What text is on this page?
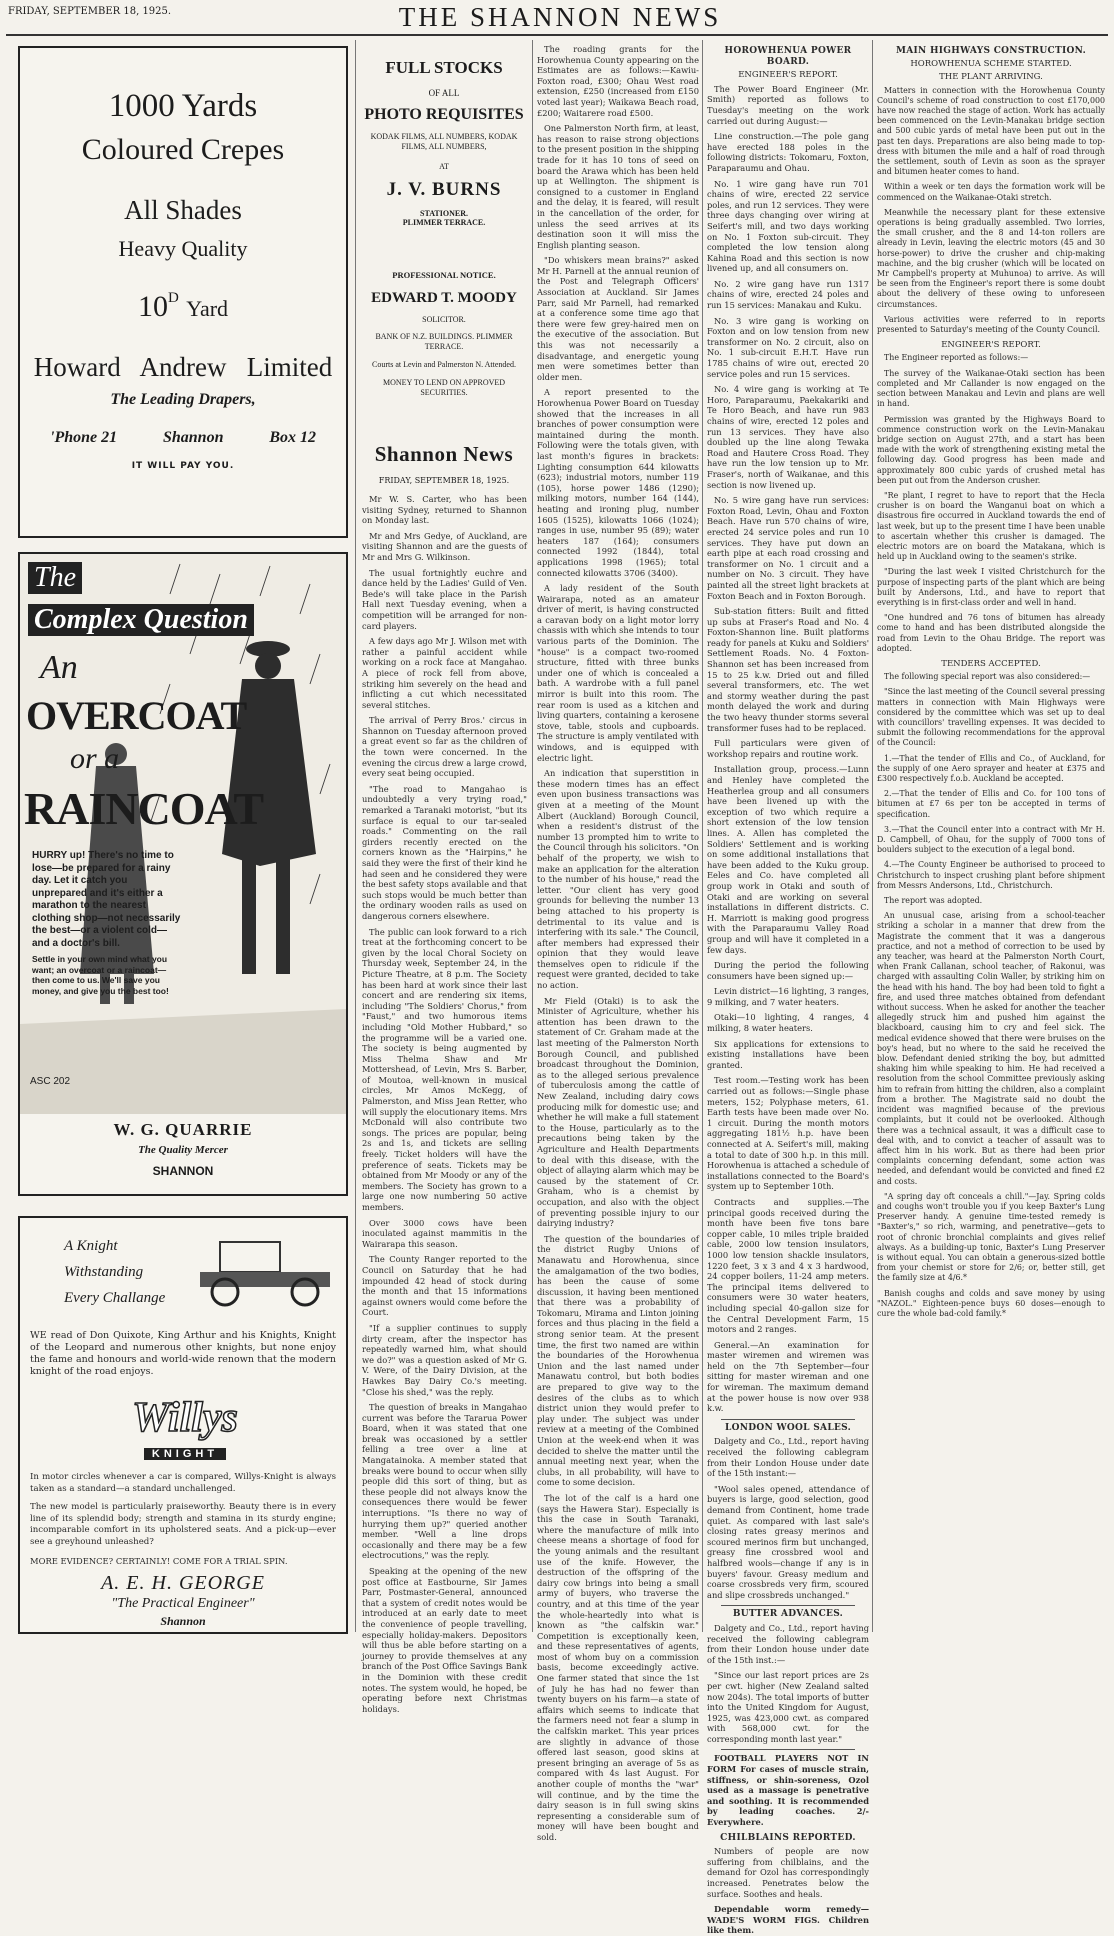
FRIDAY, SEPTEMBER 18, 1925.	THE SHANNON NEWS
1000 Yards
Coloured Crepes
All Shades
Heavy Quality
$10^D$ Yard
Howard   Andrew   Limited
The Leading Drapers,
'Phone 21	Shannon	Box 12
IT WILL PAY YOU.
The
Complex Question
An
OVERCOAT
or a
RAINCOAT
HURRY up! There's no time to lose—be prepared for a rainy day. Let it catch you unprepared and it's either a marathon to the nearest clothing shop—not necessarily the best—or a violent cold—and a doctor's bill.
Settle in your own mind what you want; an overcoat or a raincoat—then come to us. We'll save you money, and give you the best too!
ASC 202
W. G. QUARRIE
The Quality Mercer
SHANNON
A Knight
Withstanding
Every Challange
WE read of Don Quixote, King Arthur and his Knights, Knight of the Leopard and numerous other knights, but none enjoy the fame and honours and world-wide renown that the modern knight of the road enjoys.
Willys
KNIGHT
In motor circles whenever a car is compared, Willys-Knight is always taken as a standard—a standard unchallenged.
The new model is particularly praiseworthy. Beauty there is in every line of its splendid body; strength and stamina in its sturdy engine; incomparable comfort in its upholstered seats. And a pick-up—ever see a greyhound unleashed?
MORE EVIDENCE? CERTAINLY! COME FOR A TRIAL SPIN.
A. E. H. GEORGE
"The Practical Engineer"
Shannon
FULL STOCKS
OF ALL
PHOTO REQUISITES
KODAK FILMS, ALL NUMBERS, KODAK FILMS, ALL NUMBERS,
AT
J. V. BURNS
STATIONER.
PLIMMER TERRACE.
PROFESSIONAL NOTICE.
EDWARD T. MOODY
SOLICITOR.
BANK OF N.Z. BUILDINGS. PLIMMER TERRACE.
Courts at Levin and Palmerston N. Attended.
MONEY TO LEND ON APPROVED SECURITIES.
Shannon News
FRIDAY, SEPTEMBER 18, 1925.

Mr W. S. Carter, who has been visiting Sydney, returned to Shannon on Monday last.

Mr and Mrs Gedye, of Auckland, are visiting Shannon and are the guests of Mr and Mrs G. Wilkinson.

The usual fortnightly euchre and dance held by the Ladies' Guild of Ven. Bede's will take place in the Parish Hall next Tuesday evening, when a competition will be arranged for non-card players.

A few days ago Mr J. Wilson met with rather a painful accident while working on a rock face at Mangahao. A piece of rock fell from above, striking him severely on the head and inflicting a cut which necessitated several stitches.

The arrival of Perry Bros.' circus in Shannon on Tuesday afternoon proved a great event so far as the children of the town were concerned. In the evening the circus drew a large crowd, every seat being occupied.

"The road to Mangahao is undoubtedly a very trying road," remarked a Taranaki motorist, "but its surface is equal to our tar-sealed roads." Commenting on the rail girders recently erected on the corners known as the "Hairpins," he said they were the first of their kind he had seen and he considered they were the best safety stops available and that such stops would be much better than the ordinary wooden rails as used on dangerous corners elsewhere.

The public can look forward to a rich treat at the forthcoming concert to be given by the local Choral Society on Thursday week, September 24, in the Picture Theatre, at 8 p.m. The Society has been hard at work since their last concert and are rendering six items, including "The Soldiers' Chorus," from "Faust," and two humorous items including "Old Mother Hubbard," so the programme will be a varied one. The society is being augmented by Miss Thelma Shaw and Mr Mottershead, of Levin, Mrs S. Barber, of Moutoa, well-known in musical circles, Mr Amos McKegg, of Palmerston, and Miss Jean Retter, who will supply the elocutionary items. Mrs McDonald will also contribute two songs. The prices are popular, being 2s and 1s, and tickets are selling freely. Ticket holders will have the preference of seats. Tickets may be obtained from Mr Moody or any of the members. The Society has grown to a large one now numbering 50 active members.

Over 3000 cows have been inoculated against mammitis in the Wairarapa this season.

The County Ranger reported to the Council on Saturday that he had impounded 42 head of stock during the month and that 15 informations against owners would come before the Court.

"If a supplier continues to supply dirty cream, after the inspector has repeatedly warned him, what should we do?" was a question asked of Mr G. V. Were, of the Dairy Division, at the Hawkes Bay Dairy Co.'s meeting. "Close his shed," was the reply.

The question of breaks in Mangahao current was before the Tararua Power Board, when it was stated that one break was occasioned by a settler felling a tree over a line at Mangatainoka. A member stated that breaks were bound to occur when silly people did this sort of thing, but as these people did not always know the consequences there would be fewer interruptions. "Is there no way of hurrying them up?" queried another member. "Well a line drops occasionally and there may be a few electrocutions," was the reply.

Speaking at the opening of the new post office at Eastbourne, Sir James Parr, Postmaster-General, announced that a system of credit notes would be introduced at an early date to meet the convenience of people travelling, especially holiday-makers. Depositors will thus be able before starting on a journey to provide themselves at any branch of the Post Office Savings Bank in the Dominion with these credit notes. The system would, he hoped, be operating before next Christmas holidays.

The roading grants for the Horowhenua County appearing on the Estimates are as follows:—Kawiu-Foxton road, £300; Ohau West road extension, £250 (increased from £150 voted last year); Waikawa Beach road, £200; Waitarere road £500.

One Palmerston North firm, at least, has reason to raise strong objections to the present position in the shipping trade for it has 10 tons of seed on board the Arawa which has been held up at Wellington. The shipment is consigned to a customer in England and the delay, it is feared, will result in the cancellation of the order, for unless the seed arrives at its destination soon it will miss the English planting season.

"Do whiskers mean brains?" asked Mr H. Parnell at the annual reunion of the Post and Telegraph Officers' Association at Auckland. Sir James Parr, said Mr Parnell, had remarked at a conference some time ago that there were few grey-haired men on the executive of the association. But this was not necessarily a disadvantage, and energetic young men were sometimes better than older men.

A report presented to the Horowhenua Power Board on Tuesday showed that the increases in all branches of power consumption were maintained during the month. Following were the totals given, with last month's figures in brackets: Lighting consumption 644 kilowatts (623); industrial motors, number 119 (105), horse power 1486 (1290); milking motors, number 164 (144), heating and ironing plug, number 1605 (1525), kilowatts 1066 (1024); ranges in use, number 95 (89); water heaters 187 (164); consumers connected 1992 (1844), total applications 1998 (1965); total connected kilowatts 3706 (3400).

A lady resident of the South Wairarapa, noted as an amateur driver of merit, is having constructed a caravan body on a light motor lorry chassis with which she intends to tour various parts of the Dominion. The "house" is a compact two-roomed structure, fitted with three bunks under one of which is concealed a bath. A wardrobe with a full panel mirror is built into this room. The rear room is used as a kitchen and living quarters, containing a kerosene stove, table, stools and cupboards. The structure is amply ventilated with windows, and is equipped with electric light.

An indication that superstition in these modern times has an effect even upon business transactions was given at a meeting of the Mount Albert (Auckland) Borough Council, when a resident's distrust of the number 13 prompted him to write to the Council through his solicitors. "On behalf of the property, we wish to make an application for the alteration to the number of his house," read the letter. "Our client has very good grounds for believing the number 13 being attached to his property is detrimental to its value and is interfering with its sale." The Council, after members had expressed their opinion that they would leave themselves open to ridicule if the request were granted, decided to take no action.

Mr Field (Otaki) is to ask the Minister of Agriculture, whether his attention has been drawn to the statement of Cr. Graham made at the last meeting of the Palmerston North Borough Council, and published broadcast throughout the Dominion, as to the alleged serious prevalence of tuberculosis among the cattle of New Zealand, including dairy cows producing milk for domestic use; and whether he will make a full statement to the House, particularly as to the precautions being taken by the Agriculture and Health Departments to deal with this disease, with the object of allaying alarm which may be caused by the statement of Cr. Graham, who is a chemist by occupation, and also with the object of preventing possible injury to our dairying industry?

The question of the boundaries of the district Rugby Unions of Manawatu and Horowhenua, since the amalgamation of the two bodies, has been the cause of some discussion, it having been mentioned that there was a probability of Tokomaru, Mirama and Linton joining forces and thus placing in the field a strong senior team. At the present time, the first two named are within the boundaries of the Horowhenua Union and the last named under Manawatu control, but both bodies are prepared to give way to the desires of the clubs as to which district union they would prefer to play under. The subject was under review at a meeting of the Combined Union at the week-end when it was decided to shelve the matter until the annual meeting next year, when the clubs, in all probability, will have to come to some decision.

The lot of the calf is a hard one (says the Hawera Star). Especially is this the case in South Taranaki, where the manufacture of milk into cheese means a shortage of food for the young animals and the resultant use of the knife. However, the destruction of the offspring of the dairy cow brings into being a small army of buyers, who traverse the country, and at this time of the year the whole-heartedly into what is known as "the calfskin war." Competition is exceptionally keen, and these representatives of agents, most of whom buy on a commission basis, become exceedingly active. One farmer stated that since the 1st of July he has had no fewer than twenty buyers on his farm—a state of affairs which seems to indicate that the farmers need not fear a slump in the calfskin market. This year prices are slightly in advance of those offered last season, good skins at present bringing an average of 5s as compared with 4s last August. For another couple of months the "war" will continue, and by the time the dairy season is in full swing skins representing a considerable sum of money will have been bought and sold.

HOROWHENUA POWER BOARD.
ENGINEER'S REPORT.

The Power Board Engineer (Mr. Smith) reported as follows to Tuesday's meeting on the work carried out during August:—

Line construction.—The pole gang have erected 188 poles in the following districts: Tokomaru, Foxton, Paraparaumu and Ohau.

No. 1 wire gang have run 701 chains of wire, erected 22 service poles, and run 12 services. They were three days changing over wiring at Seifert's mill, and two days working on No. 1 Foxton sub-circuit. They completed the low tension along Kahina Road and this section is now livened up, and all consumers on.

No. 2 wire gang have run 1317 chains of wire, erected 24 poles and run 15 services: Manakau and Kuku.

No. 3 wire gang is working on Foxton and on low tension from new transformer on No. 2 circuit, also on No. 1 sub-circuit E.H.T. Have run 1785 chains of wire out, erected 20 service poles and run 15 services.

No. 4 wire gang is working at Te Horo, Paraparaumu, Paekakariki and Te Horo Beach, and have run 983 chains of wire, erected 12 poles and run 13 services. They have also doubled up the line along Tewaka Road and Hautere Cross Road. They have run the low tension up to Mr. Fraser's, north of Waikanae, and this section is now livened up.

No. 5 wire gang have run services: Foxton Road, Levin, Ohau and Foxton Beach. Have run 570 chains of wire, erected 24 service poles and run 10 services. They have put down an earth pipe at each road crossing and transformer on No. 1 circuit and a number on No. 3 circuit. They have painted all the street light brackets at Foxton Beach and in Foxton Borough.

Sub-station fitters: Built and fitted up subs at Fraser's Road and No. 4 Foxton-Shannon line. Built platforms ready for panels at Kuku and Soldiers' Settlement Roads. No. 4 Foxton-Shannon set has been increased from 15 to 25 k.w. Dried out and filled several transformers, etc. The wet and stormy weather during the past month delayed the work and during the two heavy thunder storms several transformer fuses had to be replaced.

Full particulars were given of workshop repairs and routine work.

Installation group, process.—Lunn and Henley have completed the Heatherlea group and all consumers have been livened up with the exception of two which require a short extension of the low tension lines. A. Allen has completed the Soldiers' Settlement and is working on some additional installations that have been added to the Kuku group. Eeles and Co. have completed all group work in Otaki and south of Otaki and are working on several installations in different districts. C. H. Marriott is making good progress with the Paraparaumu Valley Road group and will have it completed in a few days.

During the period the following consumers have been signed up:—

Levin district—16 lighting, 3 ranges, 9 milking, and 7 water heaters.

Otaki—10 lighting, 4 ranges, 4 milking, 8 water heaters.

Six applications for extensions to existing installations have been granted.

Test room.—Testing work has been carried out as follows:—Single phase meters, 152; Polyphase meters, 61. Earth tests have been made over No. 1 circuit. During the month motors aggregating 181½ h.p. have been connected at A. Seifert's mill, making a total to date of 300 h.p. in this mill. Horowhenua is attached a schedule of installations connected to the Board's system up to September 10th.

Contracts and supplies.—The principal goods received during the month have been five tons bare copper cable, 10 miles triple braided cable, 2000 low tension insulators, 1000 low tension shackle insulators, 1220 feet, 3 x 3 and 4 x 3 hardwood, 24 copper boilers, 11-24 amp meters. The principal items delivered to consumers were 30 water heaters, including special 40-gallon size for the Central Development Farm, 15 motors and 2 ranges.

General.—An examination for master wiremen and wiremen was held on the 7th September—four sitting for master wireman and one for wireman. The maximum demand at the power house is now over 938 k.w.

LONDON WOOL SALES.

Dalgety and Co., Ltd., report having received the following cablegram from their London House under date of the 15th instant:—

"Wool sales opened, attendance of buyers is large, good selection, good demand from Continent, home trade quiet. As compared with last sale's closing rates greasy merinos and scoured merinos firm but unchanged, greasy fine crossbred wool and halfbred wools—change if any is in buyers' favour. Greasy medium and coarse crossbreds very firm, scoured and slipe crossbreds unchanged."

BUTTER ADVANCES.

Dalgety and Co., Ltd., report having received the following cablegram from their London house under date of the 15th inst.:—

"Since our last report prices are 2s per cwt. higher (New Zealand salted now 204s). The total imports of butter into the United Kingdom for August, 1925, was 423,000 cwt. as compared with 568,000 cwt. for the corresponding month last year."

FOOTBALL PLAYERS NOT IN FORM For cases of muscle strain, stiffness, or shin-soreness, Ozol used as a massage is penetrative and soothing. It is recommended by leading coaches. 2/- Everywhere.

CHILBLAINS REPORTED.

Numbers of people are now suffering from chilblains, and the demand for Ozol has correspondingly increased. Penetrates below the surface. Soothes and heals.

Dependable worm remedy—WADE'S WORM FIGS. Children like them.

MAIN HIGHWAYS CONSTRUCTION.
HOROWHENUA SCHEME STARTED.
THE PLANT ARRIVING.

Matters in connection with the Horowhenua County Council's scheme of road construction to cost £170,000 have now reached the stage of action. Work has actually been commenced on the Levin-Manakau bridge section and 500 cubic yards of metal have been put out in the past ten days. Preparations are also being made to top-dress with bitumen the mile and a half of road through the settlement, south of Levin as soon as the sprayer and bitumen heater comes to hand.

Within a week or ten days the formation work will be commenced on the Waikanae-Otaki stretch.

Meanwhile the necessary plant for these extensive operations is being gradually assembled. Two lorries, the small crusher, and the 8 and 14-ton rollers are already in Levin, leaving the electric motors (45 and 30 horse-power) to drive the crusher and chip-making machine, and the big crusher (which will be located on Mr Campbell's property at Muhunoa) to arrive. As will be seen from the Engineer's report there is some doubt about the delivery of these owing to unforeseen circumstances.

Various activities were referred to in reports presented to Saturday's meeting of the County Council.

ENGINEER'S REPORT.

The Engineer reported as follows:—

The survey of the Waikanae-Otaki section has been completed and Mr Callander is now engaged on the section between Manakau and Levin and plans are well in hand.

Permission was granted by the Highways Board to commence construction work on the Levin-Manakau bridge section on August 27th, and a start has been made with the work of strengthening existing metal the following day. Good progress has been made and approximately 800 cubic yards of crushed metal has been put out from the Anderson crusher.

"Re plant, I regret to have to report that the Hecla crusher is on board the Wanganui boat on which a disastrous fire occurred in Auckland towards the end of last week, but up to the present time I have been unable to ascertain whether this crusher is damaged. The electric motors are on board the Matakana, which is held up in Auckland owing to the seamen's strike.

"During the last week I visited Christchurch for the purpose of inspecting parts of the plant which are being built by Andersons, Ltd., and have to report that everything is in first-class order and well in hand.

"One hundred and 76 tons of bitumen has already come to hand and has been distributed alongside the road from Levin to the Ohau Bridge. The report was adopted.

TENDERS ACCEPTED.

The following special report was also considered:—

"Since the last meeting of the Council several pressing matters in connection with Main Highways were considered by the committee which was set up to deal with councillors' travelling expenses. It was decided to submit the following recommendations for the approval of the Council:

1.—That the tender of Ellis and Co., of Auckland, for the supply of one Aero sprayer and heater at £375 and £300 respectively f.o.b. Auckland be accepted.

2.—That the tender of Ellis and Co. for 100 tons of bitumen at £7 6s per ton be accepted in terms of specification.

3.—That the Council enter into a contract with Mr H. D. Campbell, of Ohau, for the supply of 7000 tons of boulders subject to the execution of a legal bond.

4.—The County Engineer be authorised to proceed to Christchurch to inspect crushing plant before shipment from Messrs Andersons, Ltd., Christchurch.

The report was adopted.

An unusual case, arising from a school-teacher striking a scholar in a manner that drew from the Magistrate the comment that it was a dangerous practice, and not a method of correction to be used by any teacher, was heard at the Palmerston North Court, when Frank Callanan, school teacher, of Rakonui, was charged with assaulting Colin Waller, by striking him on the head with his hand. The boy had been told to fight a fire, and used three matches obtained from defendant without success. When he asked for another the teacher allegedly struck him and pushed him against the blackboard, causing him to cry and feel sick. The medical evidence showed that there were bruises on the boy's head, but no where to the said he received the blow. Defendant denied striking the boy, but admitted shaking him while speaking to him. He had received a resolution from the school Committee previously asking him to refrain from hitting the children, also a complaint from a brother. The Magistrate said no doubt the incident was magnified because of the previous complaints, but it could not be overlooked. Although there was a technical assault, it was a difficult case to deal with, and to convict a teacher of assault was to affect him in his work. But as there had been prior complaints concerning defendant, some action was needed, and defendant would be convicted and fined £2 and costs.

"A spring day oft conceals a chill."—Jay. Spring colds and coughs won't trouble you if you keep Baxter's Lung Preserver handy. A genuine time-tested remedy is "Baxter's," so rich, warming, and penetrative—gets to root of chronic bronchial complaints and gives relief always. As a building-up tonic, Baxter's Lung Preserver is without equal. You can obtain a generous-sized bottle from your chemist or store for 2/6; or, better still, get the family size at 4/6.*

Banish coughs and colds and save money by using "NAZOL." Eighteen-pence buys 60 doses—enough to cure the whole bad-cold family.*
